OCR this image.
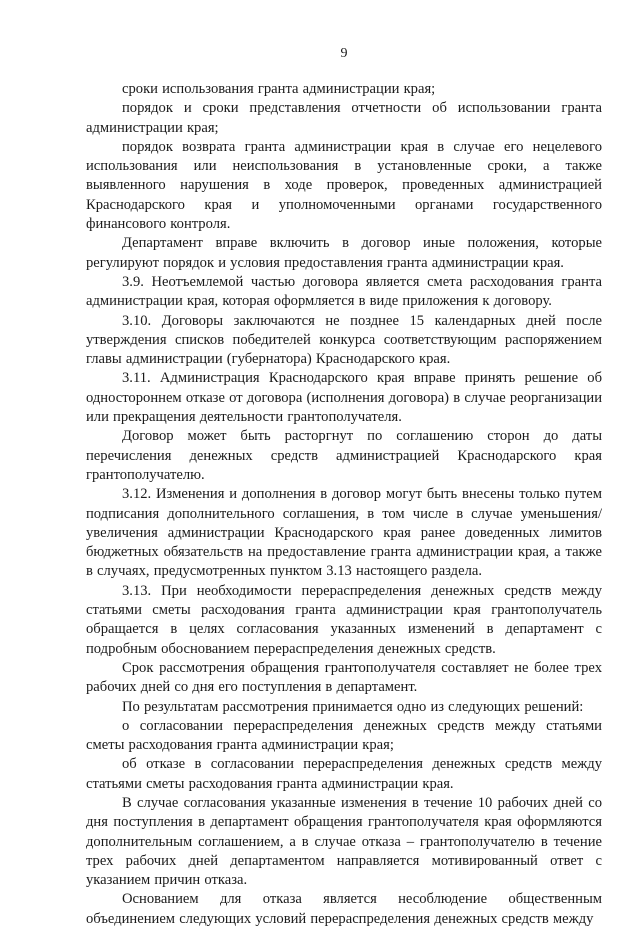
9

сроки использования гранта администрации края;

порядок и сроки представления отчетности об использовании гранта администрации края;

порядок возврата гранта администрации края в случае его нецелевого использования или неиспользования в установленные сроки, а также выявленного нарушения в ходе проверок, проведенных администрацией Краснодарского края и уполномоченными органами государственного финансового контроля.

Департамент вправе включить в договор иные положения, которые регулируют порядок и условия предоставления гранта администрации края.

3.9. Неотъемлемой частью договора является смета расходования гранта администрации края, которая оформляется в виде приложения к договору.

3.10. Договоры заключаются не позднее 15 календарных дней после утверждения списков победителей конкурса соответствующим распоряжением главы администрации (губернатора) Краснодарского края.

3.11. Администрация Краснодарского края вправе принять решение об одностороннем отказе от договора (исполнения договора) в случае реорганизации или прекращения деятельности грантополучателя.

Договор может быть расторгнут по соглашению сторон до даты перечисления денежных средств администрацией Краснодарского края грантополучателю.

3.12. Изменения и дополнения в договор могут быть внесены только путем подписания дополнительного соглашения, в том числе в случае уменьшения/увеличения администрации Краснодарского края ранее доведенных лимитов бюджетных обязательств на предоставление гранта администрации края, а также в случаях, предусмотренных пунктом 3.13 настоящего раздела.

3.13. При необходимости перераспределения денежных средств между статьями сметы расходования гранта администрации края грантополучатель обращается в целях согласования указанных изменений в департамент с подробным обоснованием перераспределения денежных средств.

Срок рассмотрения обращения грантополучателя составляет не более трех рабочих дней со дня его поступления в департамент.

По результатам рассмотрения принимается одно из следующих решений:

о согласовании перераспределения денежных средств между статьями сметы расходования гранта администрации края;

об отказе в согласовании перераспределения денежных средств между статьями сметы расходования гранта администрации края.

В случае согласования указанные изменения в течение 10 рабочих дней со дня поступления в департамент обращения грантополучателя края оформляются дополнительным соглашением, а в случае отказа – грантополучателю в течение трех рабочих дней департаментом направляется мотивированный ответ с указанием причин отказа.

Основанием для отказа является несоблюдение общественным объединением следующих условий перераспределения денежных средств между
